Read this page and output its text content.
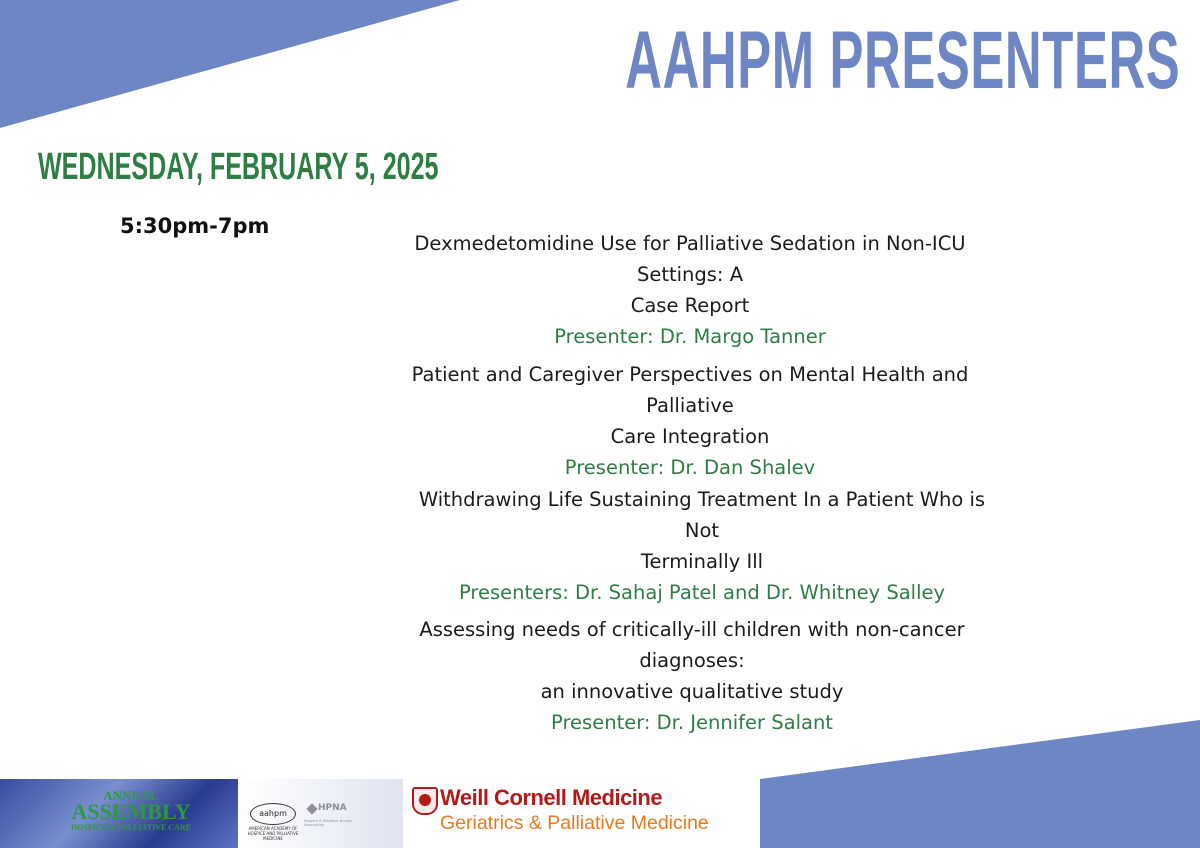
AAHPM PRESENTERS
WEDNESDAY, FEBRUARY 5, 2025
5:30pm-7pm
Dexmedetomidine Use for Palliative Sedation in Non-ICU Settings: A
Case Report
Presenter: Dr. Margo Tanner
Patient and Caregiver Perspectives on Mental Health and Palliative
Care Integration
Presenter: Dr. Dan Shalev
Withdrawing Life Sustaining Treatment In a Patient Who is Not
Terminally Ill
Presenters: Dr. Sahaj Patel and Dr. Whitney Salley
Assessing needs of critically-ill children with non-cancer diagnoses:
an innovative qualitative study
Presenter: Dr. Jennifer Salant
ANNUAL
ASSEMBLY
HOSPICE & PALLIATIVE CARE
aahpm
AMERICAN ACADEMY OF HOSPICE AND PALLIATIVE MEDICINE
HPNA
Hospice & Palliative Nurses Association
Weill Cornell Medicine
Geriatrics & Palliative Medicine
